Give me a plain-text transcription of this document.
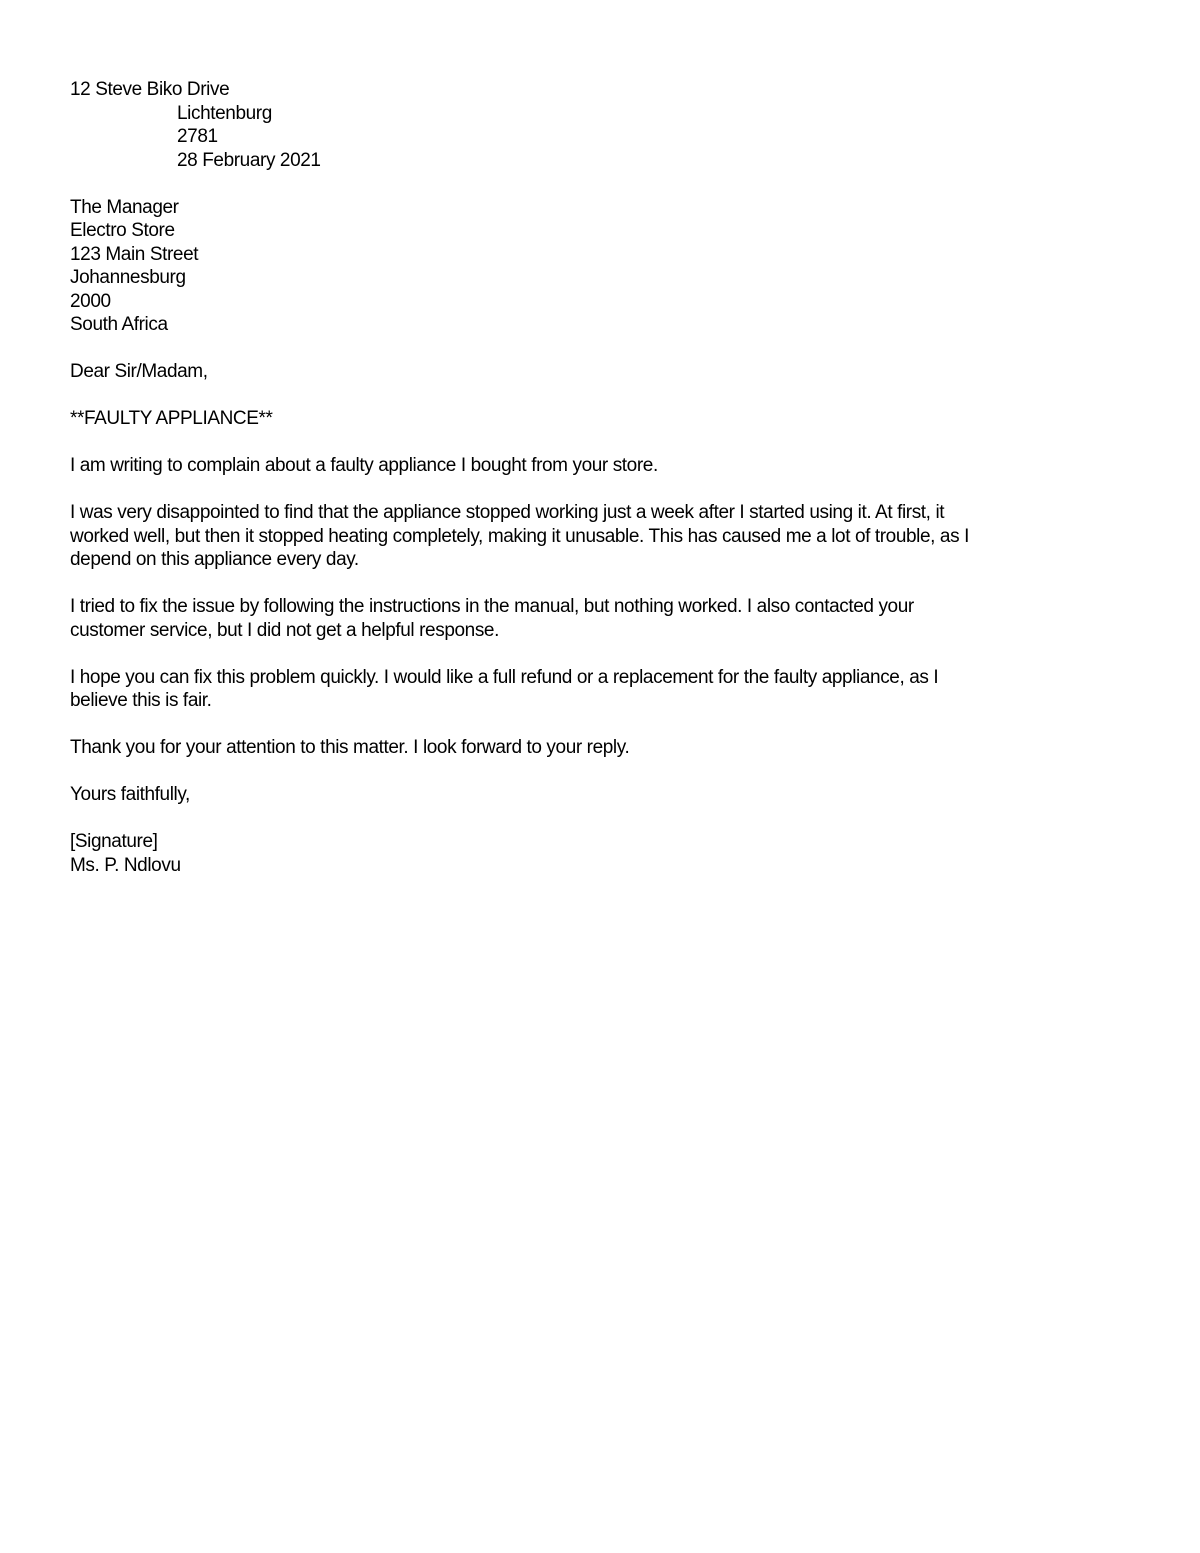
12 Steve Biko Drive
Lichtenburg
2781
28 February 2021
The Manager
Electro Store
123 Main Street
Johannesburg
2000
South Africa
Dear Sir/Madam,
**FAULTY APPLIANCE**
I am writing to complain about a faulty appliance I bought from your store.
I was very disappointed to find that the appliance stopped working just a week after I started using it. At first, it
worked well, but then it stopped heating completely, making it unusable. This has caused me a lot of trouble, as I
depend on this appliance every day.
I tried to fix the issue by following the instructions in the manual, but nothing worked. I also contacted your
customer service, but I did not get a helpful response.
I hope you can fix this problem quickly. I would like a full refund or a replacement for the faulty appliance, as I
believe this is fair.
Thank you for your attention to this matter. I look forward to your reply.
Yours faithfully,
[Signature]
Ms. P. Ndlovu
